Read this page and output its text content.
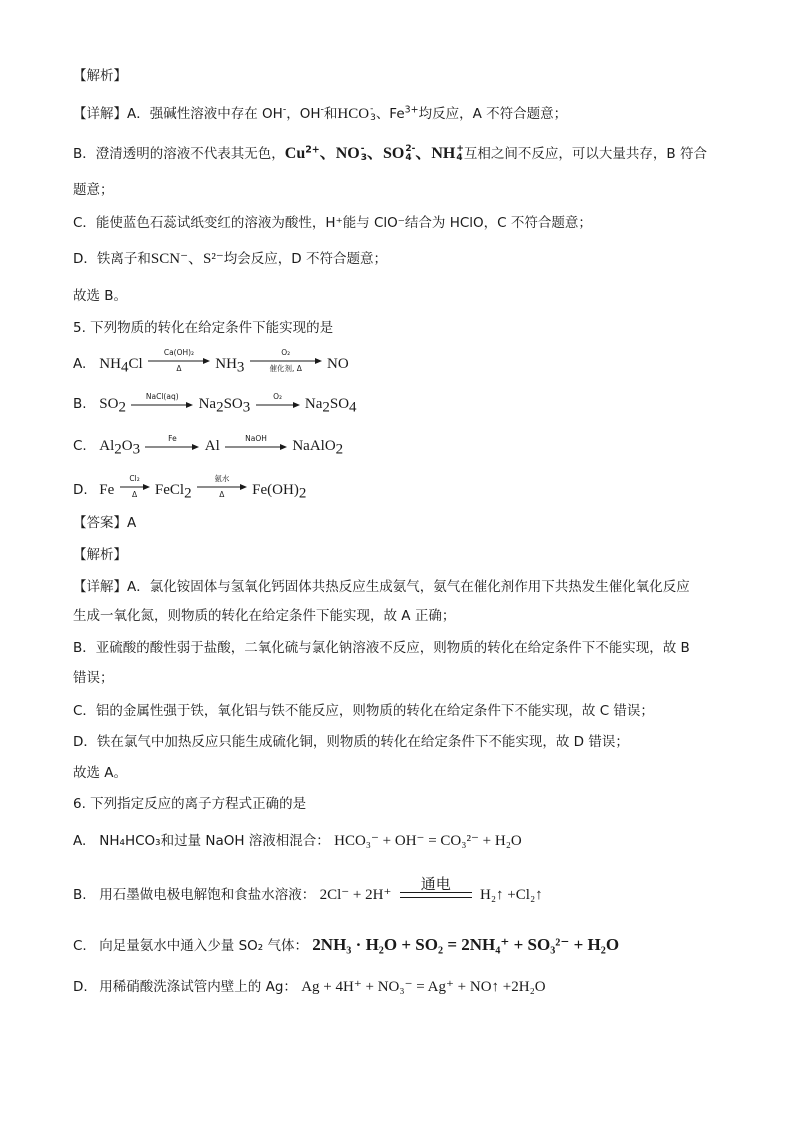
【解析】
【详解】A．强碱性溶液中存在 OH-，OH-和HCO -
3 、$Fe^{3+}$均反应，A 不符合题意；
B．澄清透明的溶液不代表其无色，$Cu^{2+}$、NO -
3 、SO 2-
4 、NH +
4 互相之间不反应，可以大量共存，B 符合
题意；
C．能使蓝色石蕊试纸变红的溶液为酸性，H⁺能与 ClO⁻结合为 HClO，C 不符合题意；
D．铁离子和SCN⁻、S²⁻均会反应，D 不符合题意；
故选 B。
5. 下列物质的转化在给定条件下能实现的是
A. $NH_4Cl$
Ca(OH)₂
Δ $NH_3$
O₂
催化剂, Δ NO
B. $SO_2$
NaCl(aq) $Na_2SO_3$
O₂ $Na_2SO_4$
C. $Al_2O_3$
Fe Al	NaOH NaAlO$_2$
D. Fe
Cl₂
Δ FeCl$_2$
氨水
Δ $Fe(OH)_2$
【答案】A
【解析】
【详解】A．氯化铵固体与氢氧化钙固体共热反应生成氨气，氨气在催化剂作用下共热发生催化氧化反应
生成一氧化氮，则物质的转化在给定条件下能实现，故 A 正确；
B．亚硫酸的酸性弱于盐酸，二氧化硫与氯化钠溶液不反应，则物质的转化在给定条件下不能实现，故 B
错误；
C．铝的金属性强于铁，氧化铝与铁不能反应，则物质的转化在给定条件下不能实现，故 C 错误；
D．铁在氯气中加热反应只能生成硫化铜，则物质的转化在给定条件下不能实现，故 D 错误；
故选 A。
6. 下列指定反应的离子方程式正确的是
A. NH₄HCO₃和过量 NaOH 溶液相混合： HCO₃⁻ + OH⁻ = CO₃²⁻ + H₂O
B. 用石墨做电极电解饱和食盐水溶液： 2Cl⁻ + 2H⁺
通电
H₂↑ +Cl₂↑
C. 向足量氨水中通入少量 SO₂ 气体： 2NH₃ · H₂O + SO₂ = 2NH₄⁺ + SO₃²⁻ + H₂O
D. 用稀硝酸洗涤试管内壁上的 Ag： Ag + 4H⁺ + NO₃⁻ = Ag⁺ + NO↑ +2H₂O
